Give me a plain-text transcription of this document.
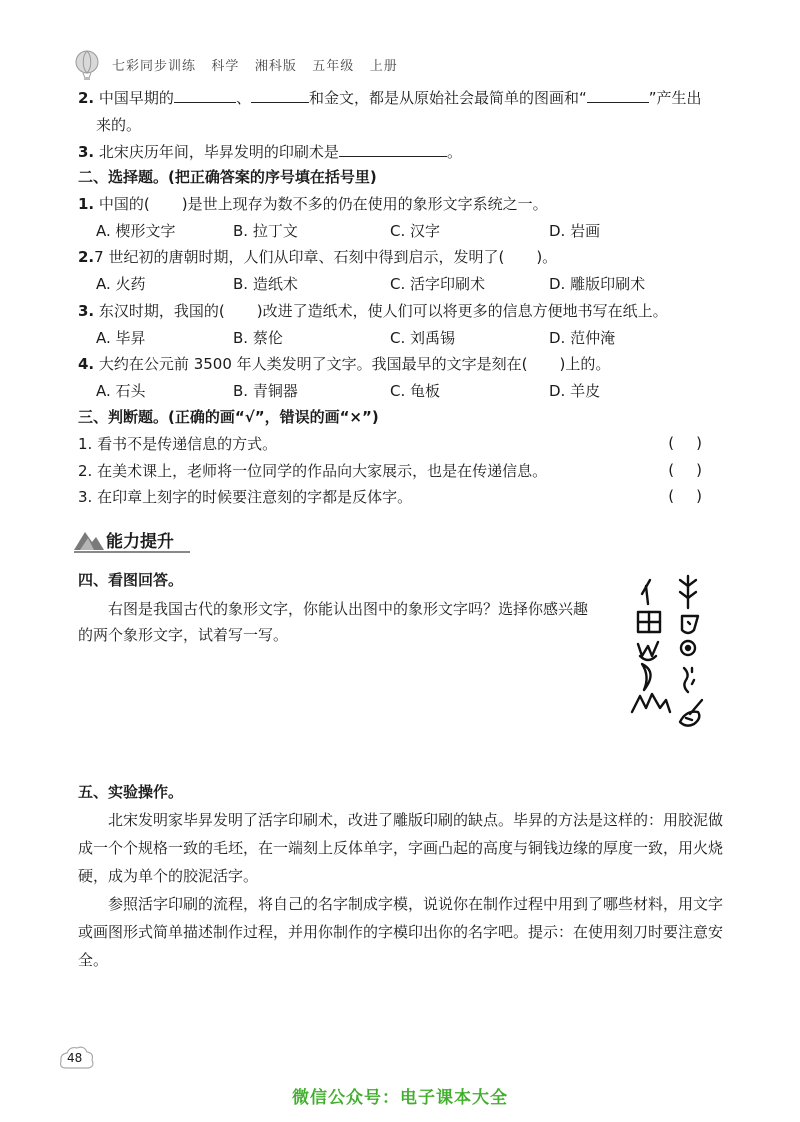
七彩同步训练 科学 湘科版 五年级 上册
2. 中国早期的	、	和金文，都是从原始社会最简单的图画和“	”产生出
来的。
3. 北宋庆历年间，毕昇发明的印刷术是	。
二、选择题。(把正确答案的序号填在括号里)
1. 中国的( )是世上现存为数不多的仍在使用的象形文字系统之一。
A. 楔形文字	B. 拉丁文	C. 汉字	D. 岩画
2.7 世纪初的唐朝时期，人们从印章、石刻中得到启示，发明了( )。
A. 火药	B. 造纸术	C. 活字印刷术	D. 雕版印刷术
3. 东汉时期，我国的( )改进了造纸术，使人们可以将更多的信息方便地书写在纸上。
A. 毕昇	B. 蔡伦	C. 刘禹锡	D. 范仲淹
4. 大约在公元前 3500 年人类发明了文字。我国最早的文字是刻在( )上的。
A. 石头	B. 青铜器	C. 龟板	D. 羊皮
三、判断题。(正确的画“√”，错误的画“×”)
1. 看书不是传递信息的方式。	()
2. 在美术课上，老师将一位同学的作品向大家展示，也是在传递信息。	()
3. 在印章上刻字的时候要注意刻的字都是反体字。	()
能力提升
四、看图回答。
右图是我国古代的象形文字，你能认出图中的象形文字吗？选择你感兴趣
的两个象形文字，试着写一写。
五、实验操作。

北宋发明家毕昇发明了活字印刷术，改进了雕版印刷的缺点。毕昇的方法是这样的：用胶泥做成一个个规格一致的毛坯，在一端刻上反体单字，字画凸起的高度与铜钱边缘的厚度一致，用火烧硬，成为单个的胶泥活字。

参照活字印刷的流程，将自己的名字制成字模，说说你在制作过程中用到了哪些材料，用文字或画图形式简单描述制作过程，并用你制作的字模印出你的名字吧。提示：在使用刻刀时要注意安全。

48
微信公众号：电子课本大全
